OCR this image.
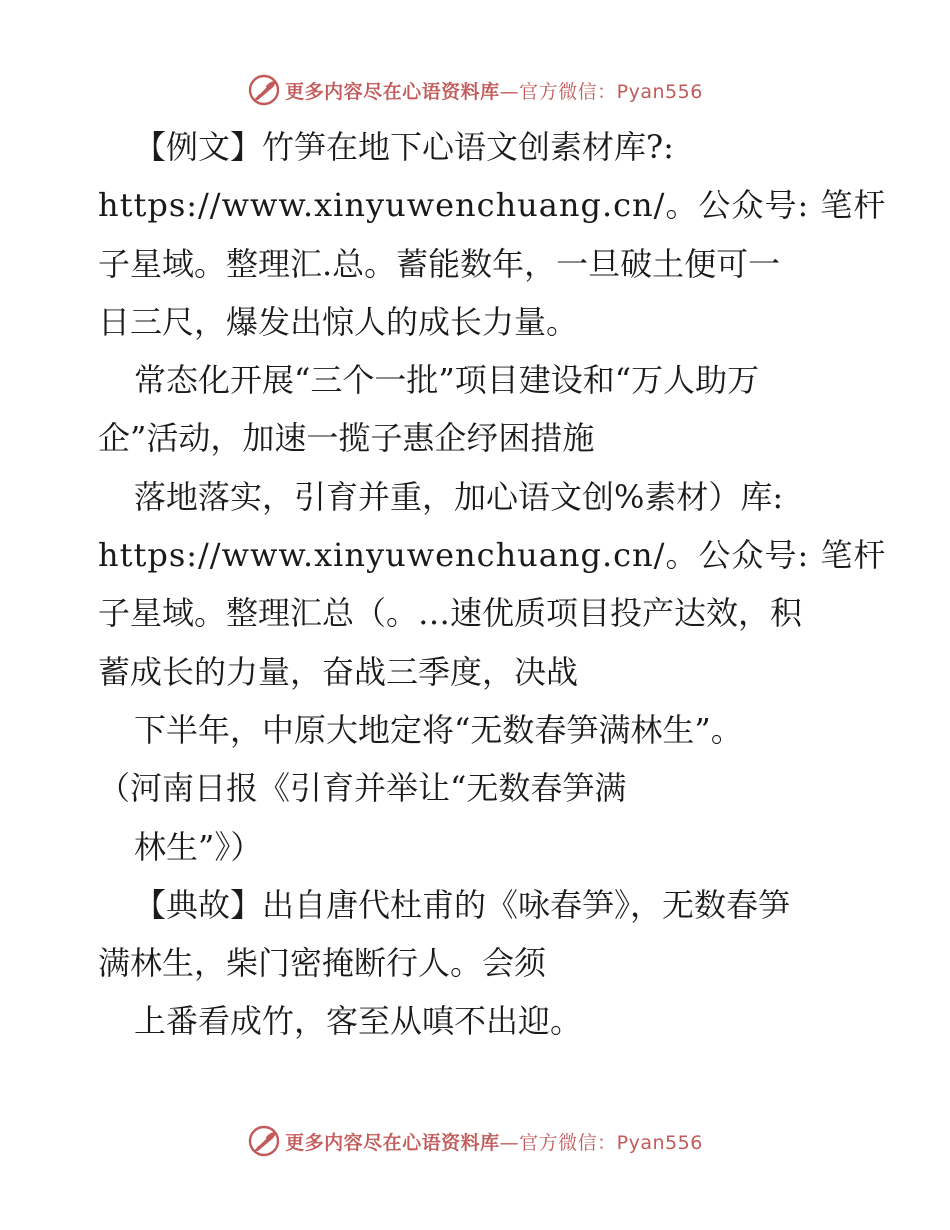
更多内容尽在心语资料库—官方微信：Pyan556
【例文】竹笋在地下心语文创素材库?:
https://www.xinyuwenchuang.cn/。公众号: 笔杆
子星域。整理汇.总。蓄能数年，一旦破土便可一
日三尺，爆发出惊人的成长力量。
常态化开展“三个一批”项目建设和“万人助万
企”活动，加速一揽子惠企纾困措施
落地落实，引育并重，加心语文创%素材）库:
https://www.xinyuwenchuang.cn/。公众号: 笔杆
子星域。整理汇总（。…速优质项目投产达效，积
蓄成长的力量，奋战三季度，决战
下半年，中原大地定将“无数春笋满林生”。
（河南日报《引育并举让“无数春笋满
林生”》）
【典故】出自唐代杜甫的《咏春笋》，无数春笋
满林生，柴门密掩断行人。会须
上番看成竹，客至从嗔不出迎。
更多内容尽在心语资料库—官方微信：Pyan556
